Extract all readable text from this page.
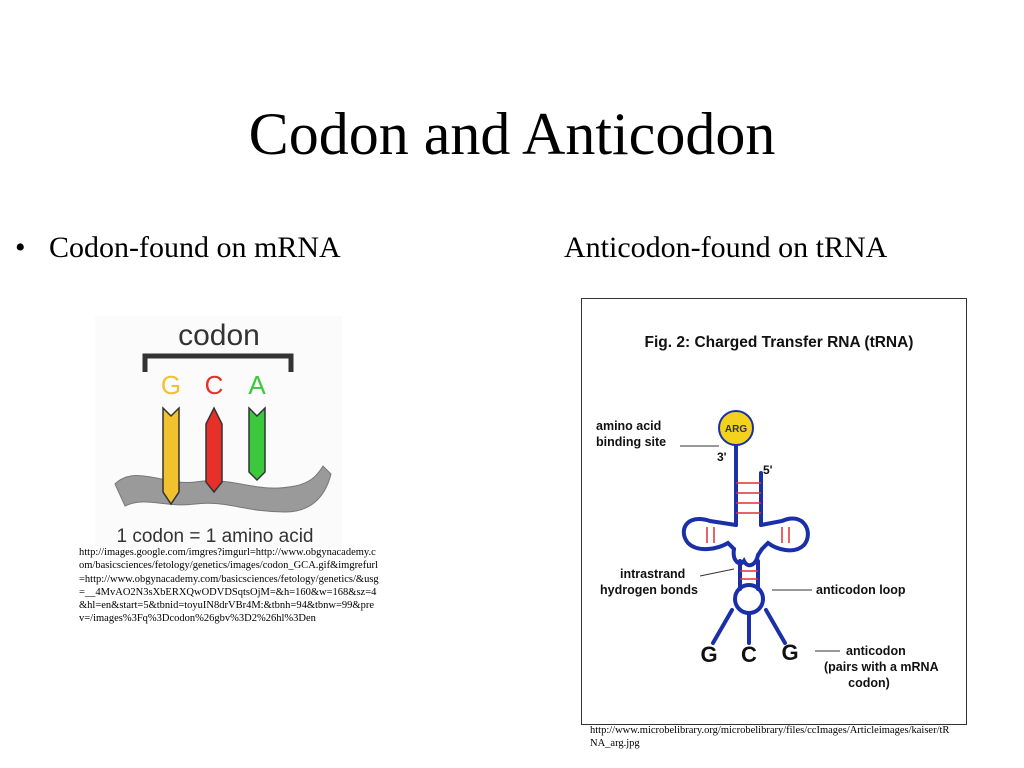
Codon and Anticodon
• Codon-found on mRNA	Anticodon-found on tRNA
codon
G C A
1 codon = 1 amino acid
http://images.google.com/imgres?imgurl=http://www.obgynacademy.com/basicsciences/fetology/genetics/images/codon_GCA.gif&imgrefurl=http://www.obgynacademy.com/basicsciences/fetology/genetics/&usg=__4MvAO2N3sXbERXQwODVDSqtsOjM=&h=160&w=168&sz=4&hl=en&start=5&tbnid=toyuIN8drVBr4M:&tbnh=94&tbnw=99&prev=/images%3Fq%3Dcodon%26gbv%3D2%26hl%3Den
Fig. 2: Charged Transfer RNA (tRNA)
ARG
3'
5'
amino acid
binding site
intrastrand
hydrogen bonds	anticodon loop
anticodon
(pairs with a mRNA
codon)
G C G
http://www.microbelibrary.org/microbelibrary/files/ccImages/Articleimages/kaiser/tRNA_arg.jpg
